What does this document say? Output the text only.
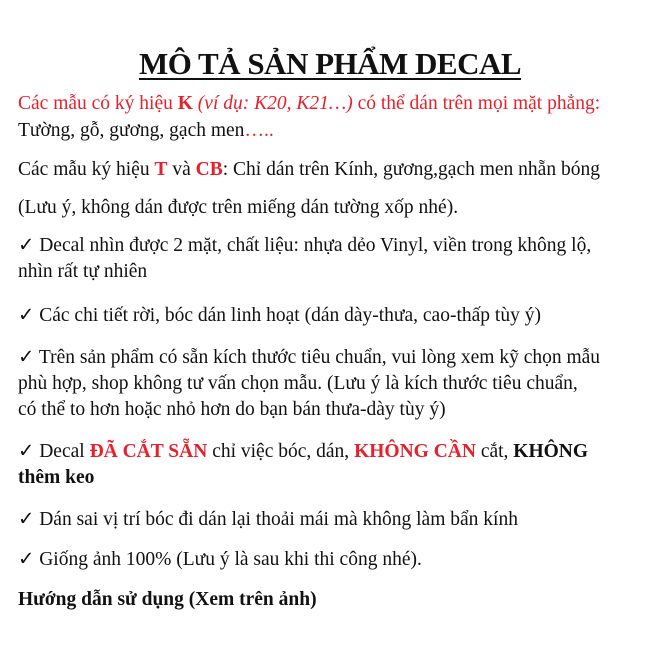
MÔ TẢ SẢN PHẨM DECAL
Các mẫu có ký hiệu K (ví dụ: K20, K21…) có thể dán trên mọi mặt phẳng:
Tường, gỗ, gương, gạch men…..
Các mẫu ký hiệu T và CB: Chỉ dán trên Kính, gương,gạch men nhẵn bóng
(Lưu ý, không dán được trên miếng dán tường xốp nhé).
✓ Decal nhìn được 2 mặt, chất liệu: nhựa dẻo Vinyl, viền trong không lộ,
nhìn rất tự nhiên
✓ Các chi tiết rời, bóc dán linh hoạt (dán dày-thưa, cao-thấp tùy ý)
✓ Trên sản phẩm có sẵn kích thước tiêu chuẩn, vui lòng xem kỹ chọn mẫu
phù hợp, shop không tư vấn chọn mẫu. (Lưu ý là kích thước tiêu chuẩn,
có thể to hơn hoặc nhỏ hơn do bạn bán thưa-dày tùy ý)
✓ Decal ĐÃ CẮT SẴN chỉ việc bóc, dán, KHÔNG CẦN cắt, KHÔNG
thêm keo
✓ Dán sai vị trí bóc đi dán lại thoải mái mà không làm bẩn kính
✓ Giống ảnh 100% (Lưu ý là sau khi thi công nhé).
Hướng dẫn sử dụng (Xem trên ảnh)
